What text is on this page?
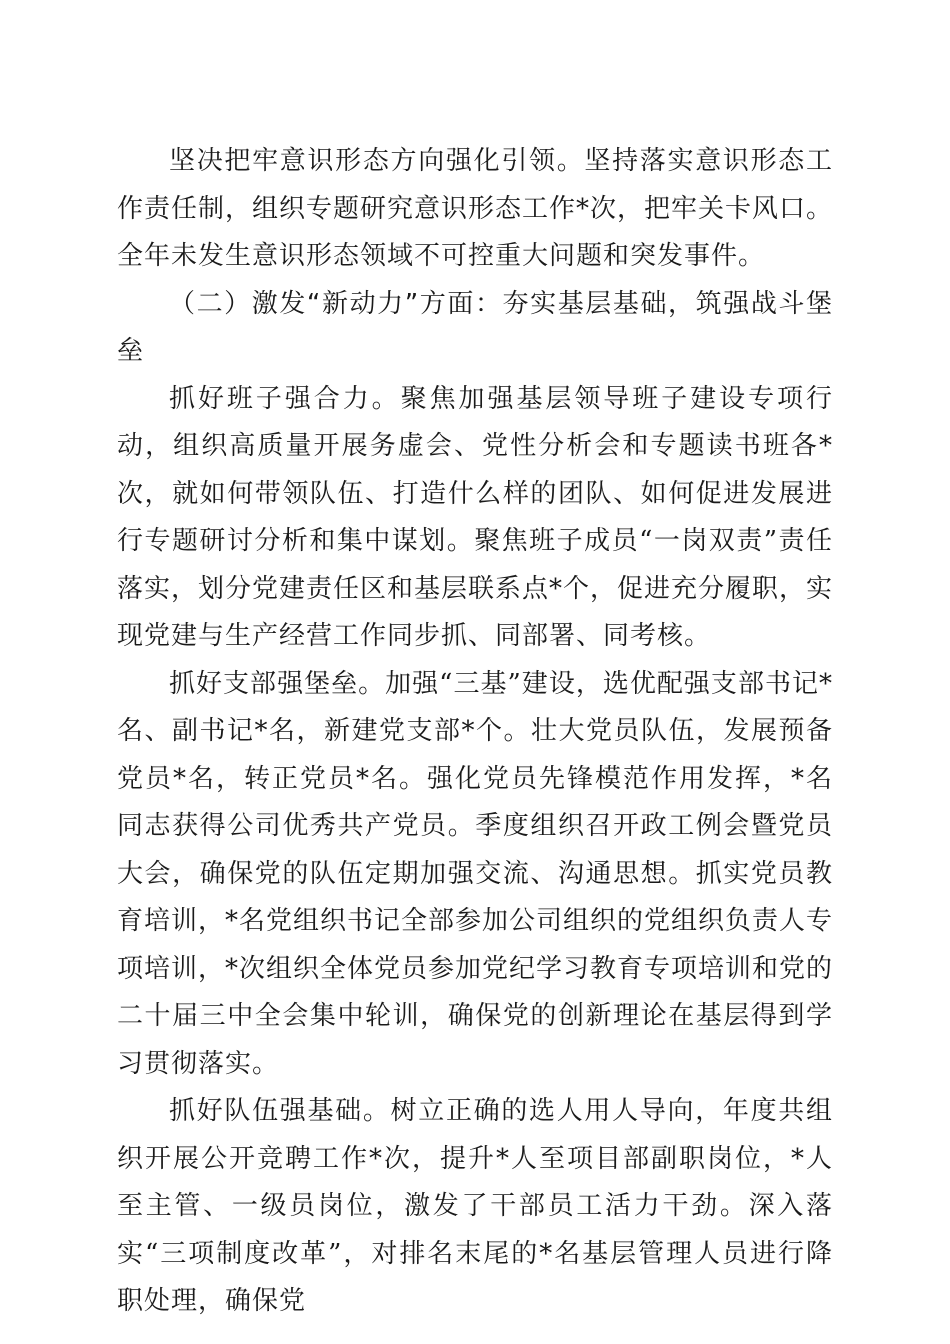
坚决把牢意识形态方向强化引领。坚持落实意识形态工作责任制，组织专题研究意识形态工作*次，把牢关卡风口。全年未发生意识形态领域不可控重大问题和突发事件。

（二）激发“新动力”方面：夯实基层基础，筑强战斗堡垒

抓好班子强合力。聚焦加强基层领导班子建设专项行动，组织高质量开展务虚会、党性分析会和专题读书班各*次，就如何带领队伍、打造什么样的团队、如何促进发展进行专题研讨分析和集中谋划。聚焦班子成员“一岗双责”责任落实，划分党建责任区和基层联系点*个，促进充分履职，实现党建与生产经营工作同步抓、同部署、同考核。

抓好支部强堡垒。加强“三基”建设，选优配强支部书记*名、副书记*名，新建党支部*个。壮大党员队伍，发展预备党员*名，转正党员*名。强化党员先锋模范作用发挥，*名同志获得公司优秀共产党员。季度组织召开政工例会暨党员大会，确保党的队伍定期加强交流、沟通思想。抓实党员教育培训，*名党组织书记全部参加公司组织的党组织负责人专项培训，*次组织全体党员参加党纪学习教育专项培训和党的二十届三中全会集中轮训，确保党的创新理论在基层得到学习贯彻落实。

抓好队伍强基础。树立正确的选人用人导向，年度共组织开展公开竞聘工作*次，提升*人至项目部副职岗位，*人至主管、一级员岗位，激发了干部员工活力干劲。深入落实“三项制度改革”，对排名末尾的*名基层管理人员进行降职处理，确保党
